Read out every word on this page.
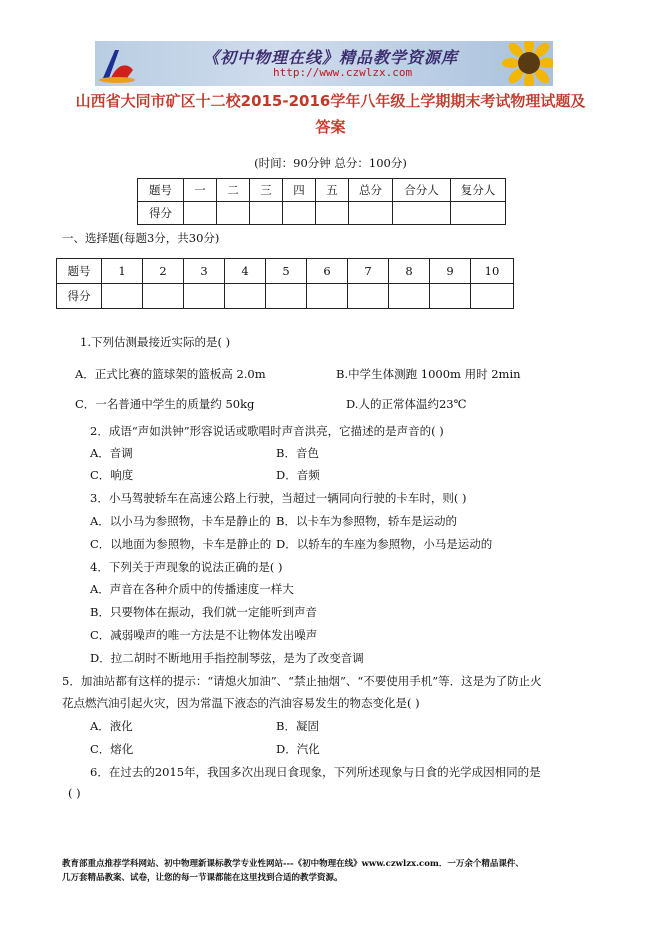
《初中物理在线》精品教学资源库
http://www.czwlzx.com
山西省大同市矿区十二校2015-2016学年八年级上学期期末考试物理试题及
答案
(时间：90分钟 总分：100分)
题号	一	二	三	四	五	总分	合分人	复分人
得分								
一、选择题(每题3分，共30分)
题号	1	2	3	4	5	6	7	8	9	10
得分										
1.下列估测最接近实际的是( )
A．正式比赛的篮球架的篮板高 2.0m	B.中学生体测跑 1000m 用时 2min
C．一名普通中学生的质量约 50kg	D.人的正常体温约23℃
2．成语“声如洪钟”形容说话或歌唱时声音洪亮，它描述的是声音的( )
A．音调	B．音色
C．响度	D．音频
3．小马驾驶轿车在高速公路上行驶，当超过一辆同向行驶的卡车时，则( )
A．以小马为参照物，卡车是静止的 B．以卡车为参照物，轿车是运动的
C．以地面为参照物，卡车是静止的 D．以轿车的车座为参照物，小马是运动的
4．下列关于声现象的说法正确的是( )
A．声音在各种介质中的传播速度一样大
B．只要物体在振动，我们就一定能听到声音
C．减弱噪声的唯一方法是不让物体发出噪声
D．拉二胡时不断地用手指控制琴弦，是为了改变音调
5．加油站都有这样的提示：“请熄火加油”、“禁止抽烟”、“不要使用手机”等．这是为了防止火
花点燃汽油引起火灾，因为常温下液态的汽油容易发生的物态变化是( )
A．液化	B．凝固
C．熔化	D．汽化
6．在过去的2015年，我国多次出现日食现象，下列所述现象与日食的光学成因相同的是
( )
教育部重点推荐学科网站、初中物理新课标教学专业性网站---《初中物理在线》www.czwlzx.com．一万余个精品课件、
几万套精品教案、试卷，让您的每一节课都能在这里找到合适的教学资源。
